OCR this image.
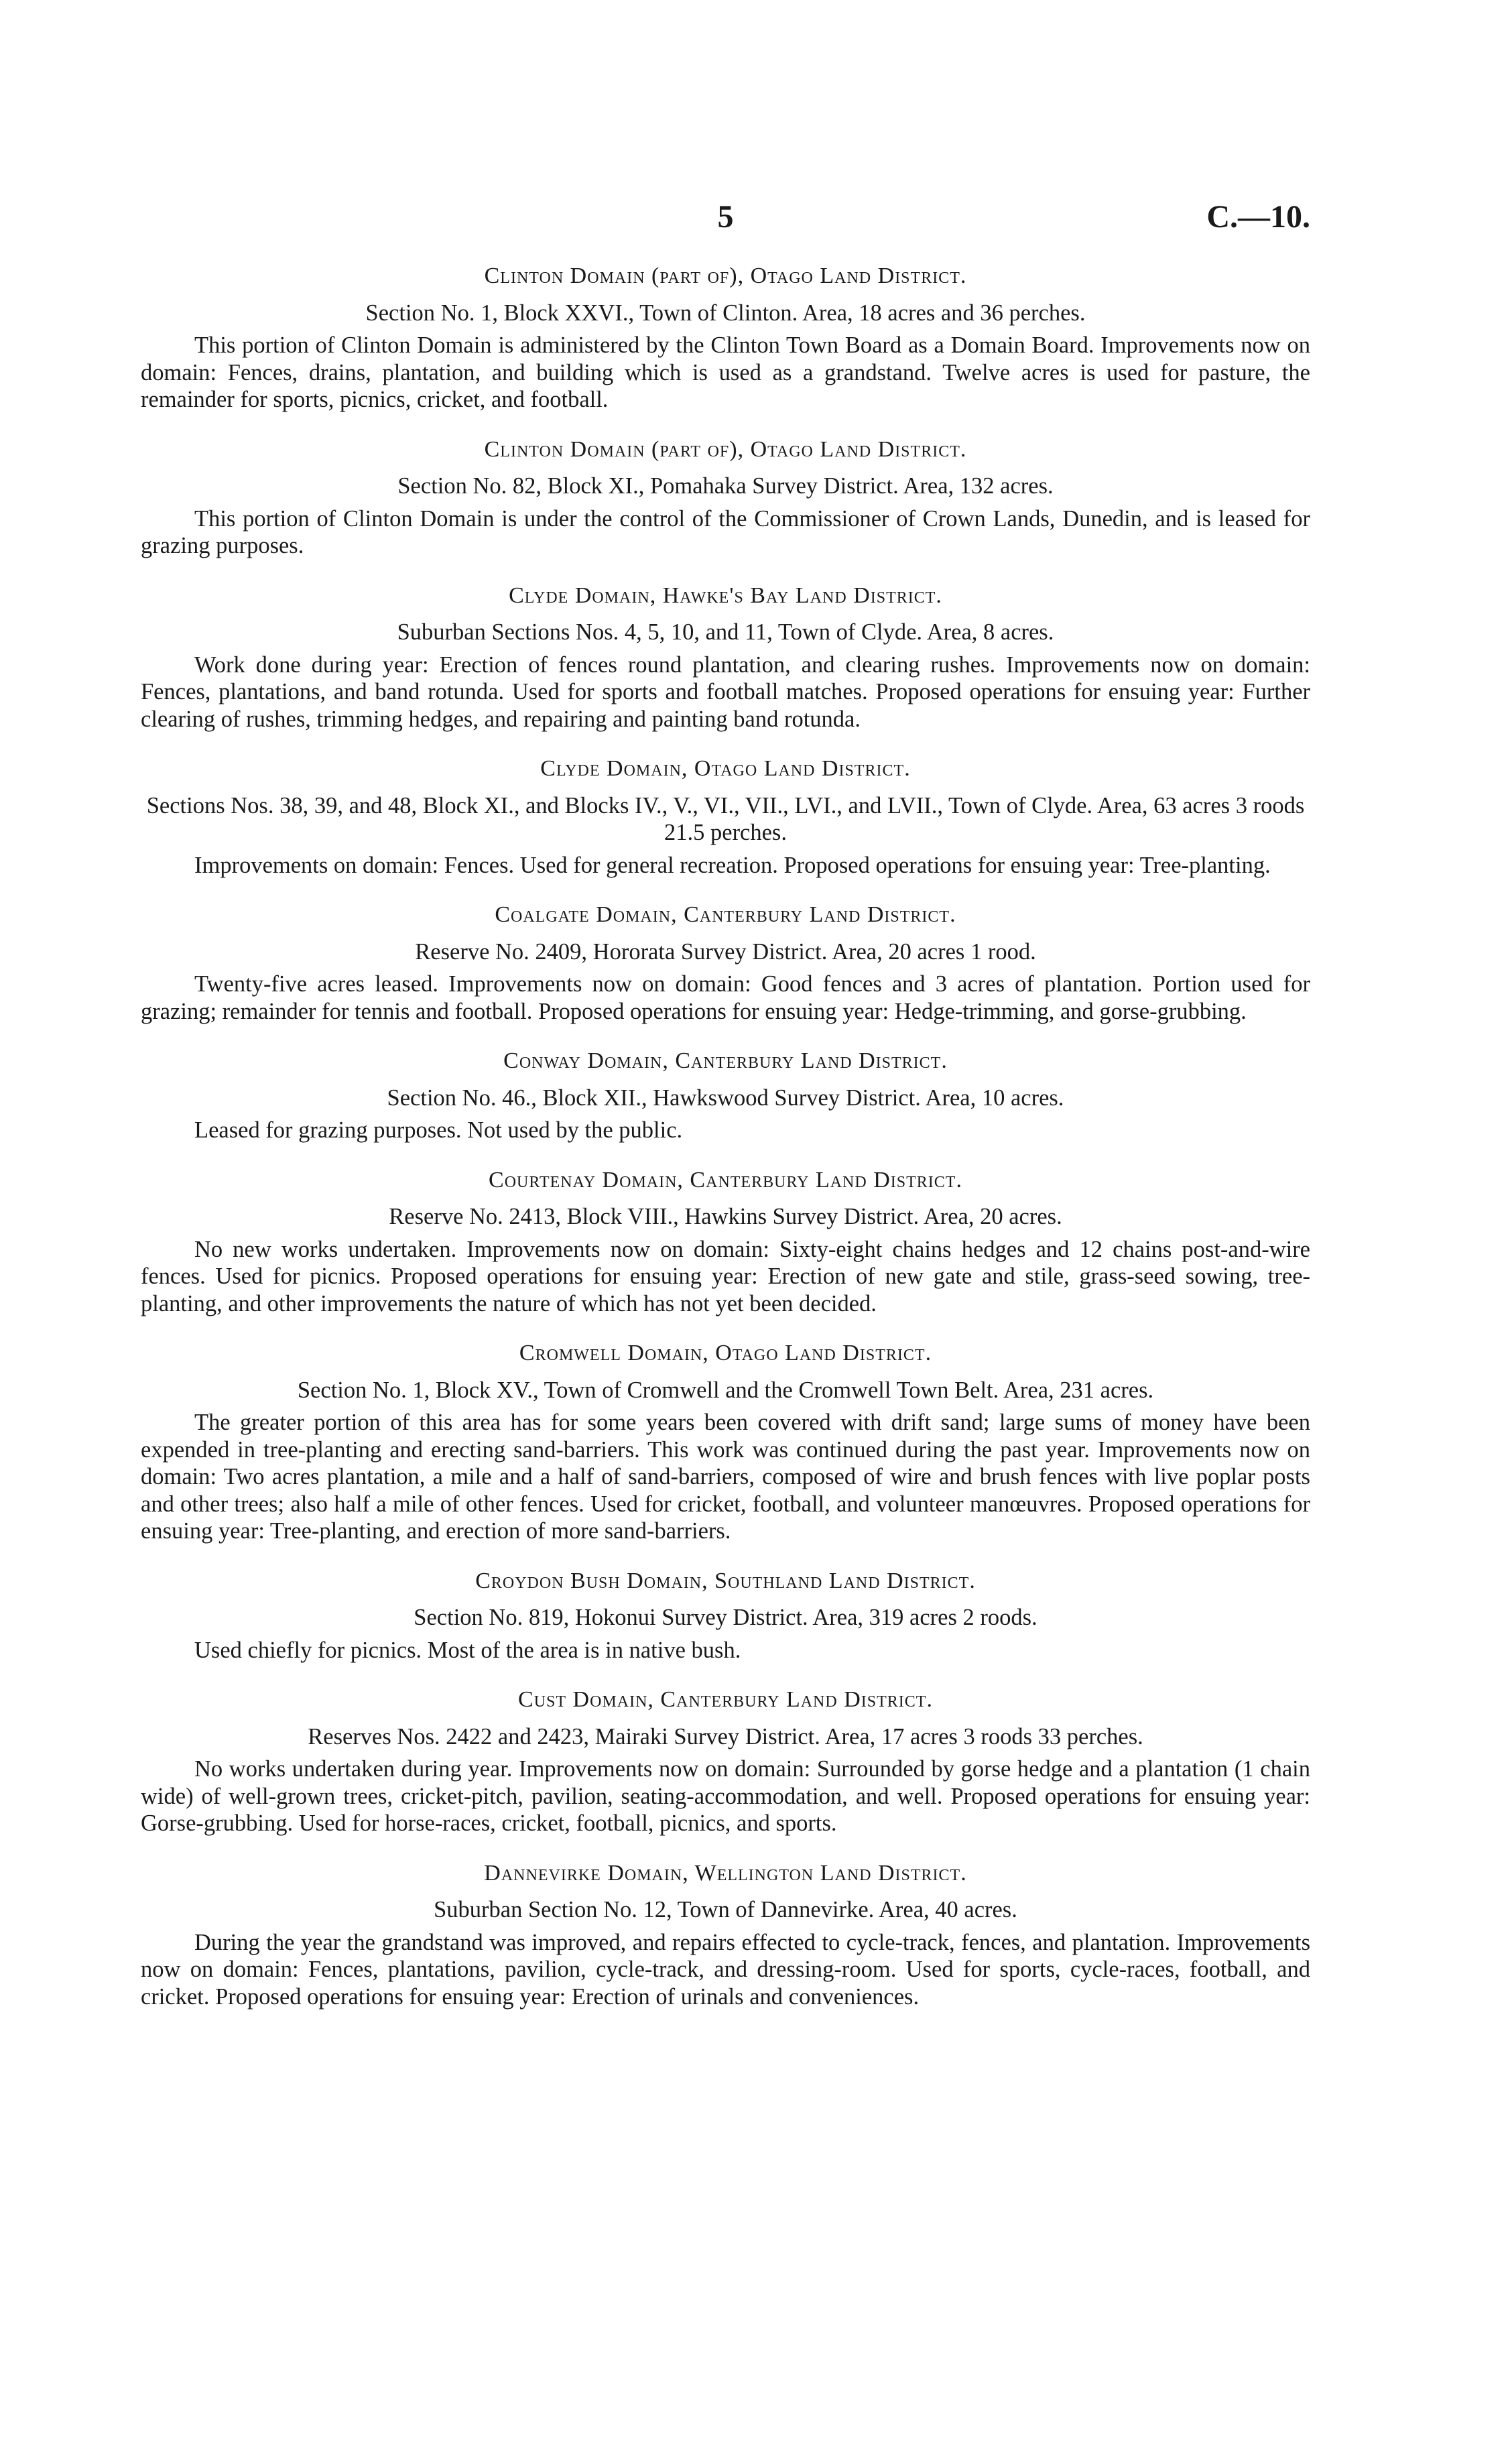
5	C.—10.

Clinton Domain (part of), Otago Land District.

Section No. 1, Block XXVI., Town of Clinton. Area, 18 acres and 36 perches.

This portion of Clinton Domain is administered by the Clinton Town Board as a Domain Board. Improvements now on domain: Fences, drains, plantation, and building which is used as a grandstand. Twelve acres is used for pasture, the remainder for sports, picnics, cricket, and football.

Clinton Domain (part of), Otago Land District.

Section No. 82, Block XI., Pomahaka Survey District. Area, 132 acres.

This portion of Clinton Domain is under the control of the Commissioner of Crown Lands, Dunedin, and is leased for grazing purposes.

Clyde Domain, Hawke's Bay Land District.

Suburban Sections Nos. 4, 5, 10, and 11, Town of Clyde. Area, 8 acres.

Work done during year: Erection of fences round plantation, and clearing rushes. Improvements now on domain: Fences, plantations, and band rotunda. Used for sports and football matches. Proposed operations for ensuing year: Further clearing of rushes, trimming hedges, and repairing and painting band rotunda.

Clyde Domain, Otago Land District.

Sections Nos. 38, 39, and 48, Block XI., and Blocks IV., V., VI., VII., LVI., and LVII., Town of Clyde. Area, 63 acres 3 roods 21.5 perches.

Improvements on domain: Fences. Used for general recreation. Proposed operations for ensuing year: Tree-planting.

Coalgate Domain, Canterbury Land District.

Reserve No. 2409, Hororata Survey District. Area, 20 acres 1 rood.

Twenty-five acres leased. Improvements now on domain: Good fences and 3 acres of plantation. Portion used for grazing; remainder for tennis and football. Proposed operations for ensuing year: Hedge-trimming, and gorse-grubbing.

Conway Domain, Canterbury Land District.

Section No. 46., Block XII., Hawkswood Survey District. Area, 10 acres.

Leased for grazing purposes. Not used by the public.

Courtenay Domain, Canterbury Land District.

Reserve No. 2413, Block VIII., Hawkins Survey District. Area, 20 acres.

No new works undertaken. Improvements now on domain: Sixty-eight chains hedges and 12 chains post-and-wire fences. Used for picnics. Proposed operations for ensuing year: Erection of new gate and stile, grass-seed sowing, tree-planting, and other improvements the nature of which has not yet been decided.

Cromwell Domain, Otago Land District.

Section No. 1, Block XV., Town of Cromwell and the Cromwell Town Belt. Area, 231 acres.

The greater portion of this area has for some years been covered with drift sand; large sums of money have been expended in tree-planting and erecting sand-barriers. This work was continued during the past year. Improvements now on domain: Two acres plantation, a mile and a half of sand-barriers, composed of wire and brush fences with live poplar posts and other trees; also half a mile of other fences. Used for cricket, football, and volunteer manœuvres. Proposed operations for ensuing year: Tree-planting, and erection of more sand-barriers.

Croydon Bush Domain, Southland Land District.

Section No. 819, Hokonui Survey District. Area, 319 acres 2 roods.

Used chiefly for picnics. Most of the area is in native bush.

Cust Domain, Canterbury Land District.

Reserves Nos. 2422 and 2423, Mairaki Survey District. Area, 17 acres 3 roods 33 perches.

No works undertaken during year. Improvements now on domain: Surrounded by gorse hedge and a plantation (1 chain wide) of well-grown trees, cricket-pitch, pavilion, seating-accommodation, and well. Proposed operations for ensuing year: Gorse-grubbing. Used for horse-races, cricket, football, picnics, and sports.

Dannevirke Domain, Wellington Land District.

Suburban Section No. 12, Town of Dannevirke. Area, 40 acres.

During the year the grandstand was improved, and repairs effected to cycle-track, fences, and plantation. Improvements now on domain: Fences, plantations, pavilion, cycle-track, and dressing-room. Used for sports, cycle-races, football, and cricket. Proposed operations for ensuing year: Erection of urinals and conveniences.
